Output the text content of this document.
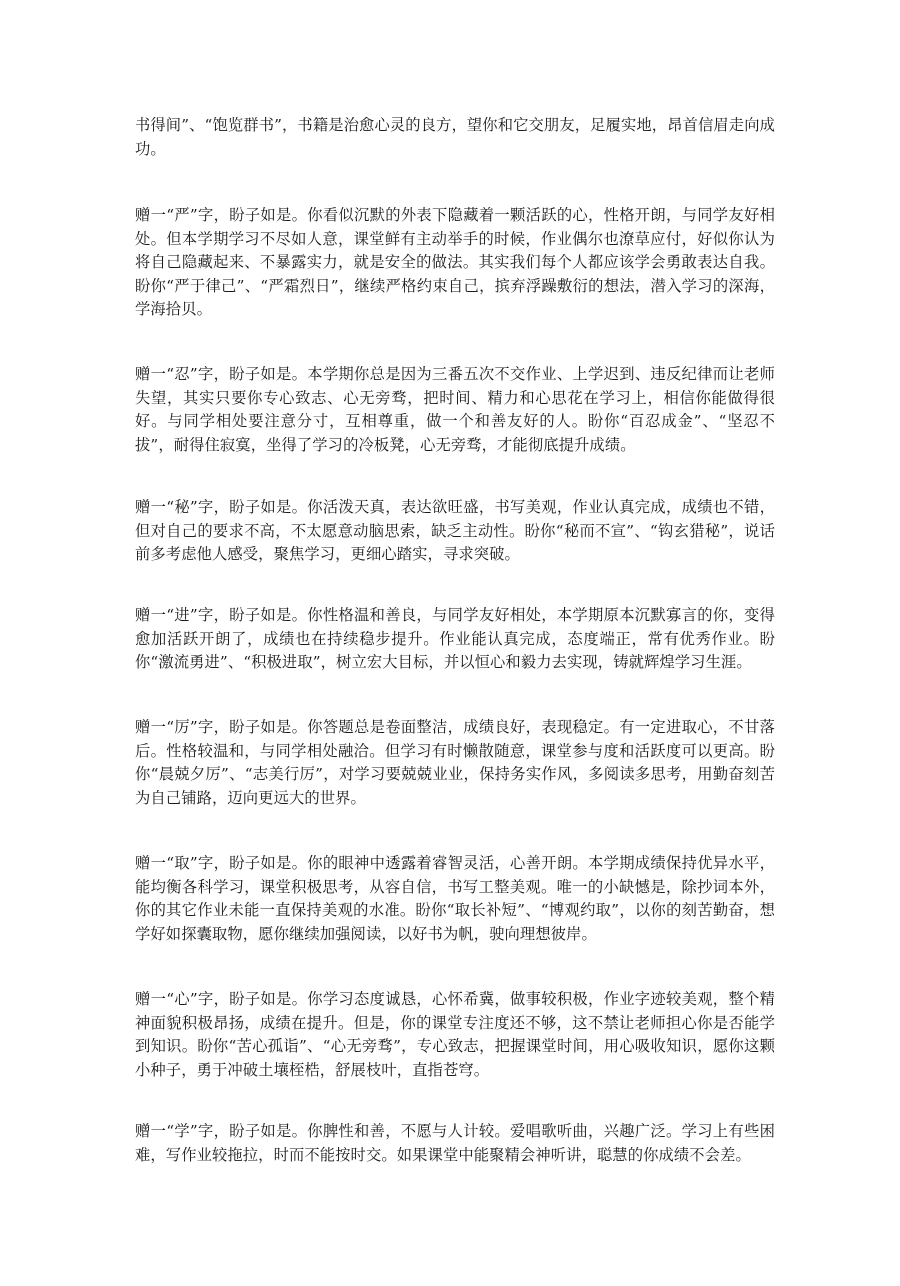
书得间”、“饱览群书”，书籍是治愈心灵的良方，望你和它交朋友，足履实地，昂首信眉走向成功。

赠一“严”字，盼子如是。你看似沉默的外表下隐藏着一颗活跃的心，性格开朗，与同学友好相处。但本学期学习不尽如人意，课堂鲜有主动举手的时候，作业偶尔也潦草应付，好似你认为将自己隐藏起来、不暴露实力，就是安全的做法。其实我们每个人都应该学会勇敢表达自我。盼你“严于律己”、“严霜烈日”，继续严格约束自己，摈弃浮躁敷衍的想法，潜入学习的深海，学海拾贝。

赠一“忍”字，盼子如是。本学期你总是因为三番五次不交作业、上学迟到、违反纪律而让老师失望，其实只要你专心致志、心无旁骛，把时间、精力和心思花在学习上，相信你能做得很好。与同学相处要注意分寸，互相尊重，做一个和善友好的人。盼你“百忍成金”、“坚忍不拔”，耐得住寂寞，坐得了学习的冷板凳，心无旁骛，才能彻底提升成绩。

赠一“秘”字，盼子如是。你活泼天真，表达欲旺盛，书写美观，作业认真完成，成绩也不错，但对自己的要求不高，不太愿意动脑思索，缺乏主动性。盼你“秘而不宣”、“钩玄猎秘”，说话前多考虑他人感受，聚焦学习，更细心踏实，寻求突破。

赠一“进”字，盼子如是。你性格温和善良，与同学友好相处，本学期原本沉默寡言的你，变得愈加活跃开朗了，成绩也在持续稳步提升。作业能认真完成，态度端正，常有优秀作业。盼你“激流勇进”、“积极进取”，树立宏大目标，并以恒心和毅力去实现，铸就辉煌学习生涯。

赠一“厉”字，盼子如是。你答题总是卷面整洁，成绩良好，表现稳定。有一定进取心，不甘落后。性格较温和，与同学相处融洽。但学习有时懒散随意，课堂参与度和活跃度可以更高。盼你“晨兢夕厉”、“志美行厉”，对学习要兢兢业业，保持务实作风，多阅读多思考，用勤奋刻苦为自己铺路，迈向更远大的世界。

赠一“取”字，盼子如是。你的眼神中透露着睿智灵活，心善开朗。本学期成绩保持优异水平，能均衡各科学习，课堂积极思考，从容自信，书写工整美观。唯一的小缺憾是，除抄词本外，你的其它作业未能一直保持美观的水准。盼你“取长补短”、“博观约取”，以你的刻苦勤奋，想学好如探囊取物，愿你继续加强阅读，以好书为帆，驶向理想彼岸。

赠一“心”字，盼子如是。你学习态度诚恳，心怀希冀，做事较积极，作业字迹较美观，整个精神面貌积极昂扬，成绩在提升。但是，你的课堂专注度还不够，这不禁让老师担心你是否能学到知识。盼你“苦心孤诣”、“心无旁骛”，专心致志，把握课堂时间，用心吸收知识，愿你这颗小种子，勇于冲破土壤桎梏，舒展枝叶，直指苍穹。

赠一“学”字，盼子如是。你脾性和善，不愿与人计较。爱唱歌听曲，兴趣广泛。学习上有些困难，写作业较拖拉，时而不能按时交。如果课堂中能聚精会神听讲，聪慧的你成绩不会差。
